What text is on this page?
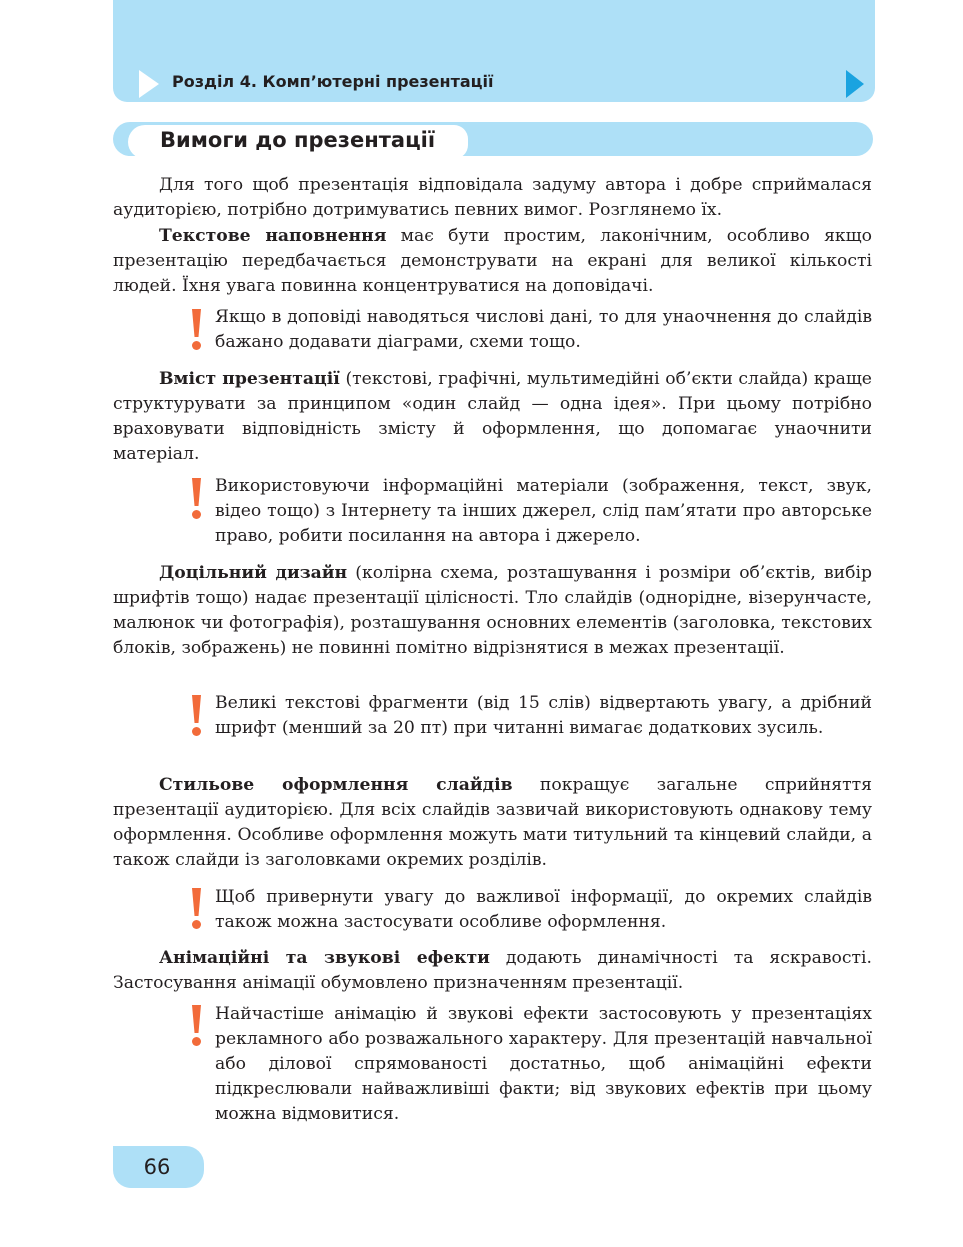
Розділ 4. Комп’ютерні презентації
Вимоги до презентації

Для того щоб презентація відповідала задуму автора і добре сприймалася аудиторією, потрібно дотримуватись певних вимог. Розглянемо їх.

Текстове наповнення має бути простим, лаконічним, особливо якщо презентацію передбачається демонструвати на екрані для великої кількості людей. Їхня увага повинна концентруватися на доповідачі.

Якщо в доповіді наводяться числові дані, то для унаочнення до слайдів бажано додавати діаграми, схеми тощо.

Вміст презентації (текстові, графічні, мультимедійні об’єкти слайда) краще структурувати за принципом «один слайд — одна ідея». При цьому потрібно враховувати відповідність змісту й оформлення, що допомагає унаочнити матеріал.

Використовуючи інформаційні матеріали (зображення, текст, звук, відео тощо) з Інтернету та інших джерел, слід пам’ятати про авторське право, робити посилання на автора і джерело.

Доцільний дизайн (колірна схема, розташування і розміри об’єктів, вибір шрифтів тощо) надає презентації цілісності. Тло слайдів (однорідне, візерунчасте, малюнок чи фотографія), розташування основних елементів (заголовка, текстових блоків, зображень) не повинні помітно відрізнятися в межах презентації.

Великі текстові фрагменти (від 15 слів) відвертають увагу, а дрібний шрифт (менший за 20 пт) при читанні вимагає додаткових зусиль.

Стильове оформлення слайдів покращує загальне сприйняття презентації аудиторією. Для всіх слайдів зазвичай використовують однакову тему оформлення. Особливе оформлення можуть мати титульний та кінцевий слайди, а також слайди із заголовками окремих розділів.

Щоб привернути увагу до важливої інформації, до окремих слайдів також можна застосувати особливе оформлення.

Анімаційні та звукові ефекти додають динамічності та яскравості. Застосування анімації обумовлено призначенням презентації.

Найчастіше анімацію й звукові ефекти застосовують у презентаціях рекламного або розважального характеру. Для презентацій навчальної або ділової спрямованості достатньо, щоб анімаційні ефекти підкреслювали найважливіші факти; від звукових ефектів при цьому можна відмовитися.

66
